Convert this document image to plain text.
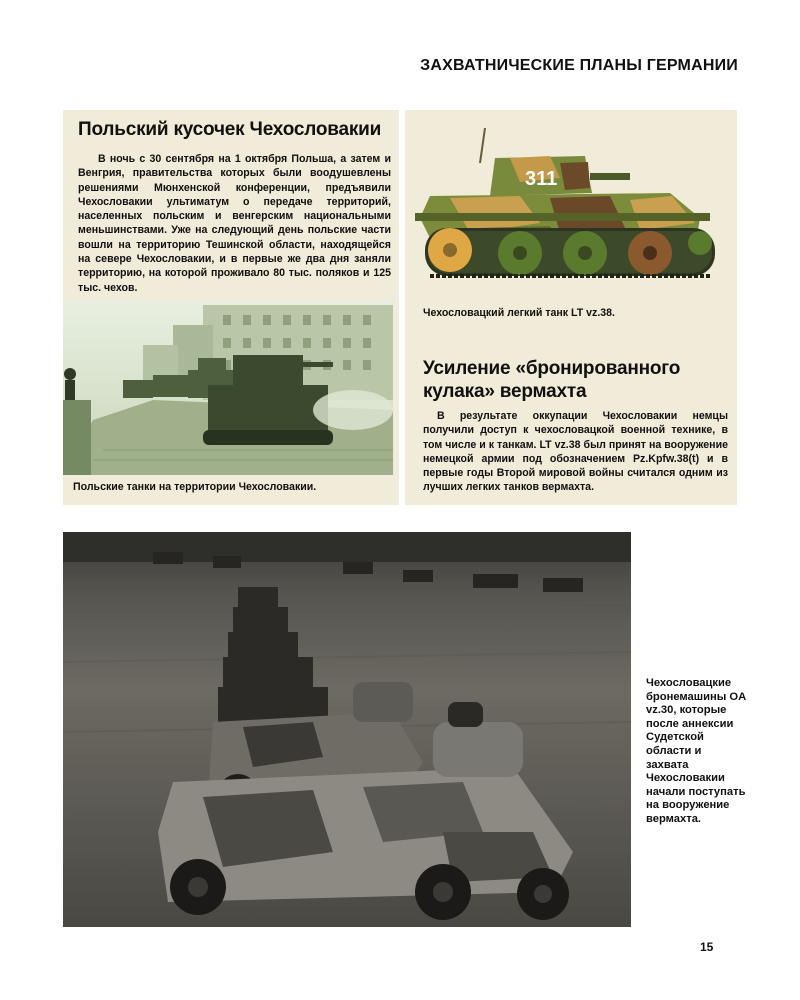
ЗАХВАТНИЧЕСКИЕ ПЛАНЫ ГЕРМАНИИ
Польский кусочек Чехословакии
В ночь с 30 сентября на 1 октября Польша, а затем и Венгрия, правительства которых были воодушевлены решениями Мюнхенской конференции, предъявили Чехословакии ультиматум о передаче территорий, населенных польским и венгерским национальными меньшинствами. Уже на следующий день польские части вошли на территорию Тешинской области, находящейся на севере Чехословакии, и в первые же два дня заняли территорию, на которой проживало 80 тыс. поляков и 125 тыс. чехов.
Польские танки на территории Чехословакии.
311
Чехословацкий легкий танк LT vz.38.
Усиление «бронированного кулака» вермахта
В результате оккупации Чехословакии немцы получили доступ к чехословацкой военной технике, в том числе и к танкам. LT vz.38 был принят на вооружение немецкой армии под обозначением Pz.Kpfw.38(t) и в первые годы Второй мировой войны считался одним из лучших легких танков вермахта.
Чехословацкие бронемашины OA vz.30, которые после аннексии Судетской области и захвата Чехословакии начали поступать на вооружение вермахта.
15
